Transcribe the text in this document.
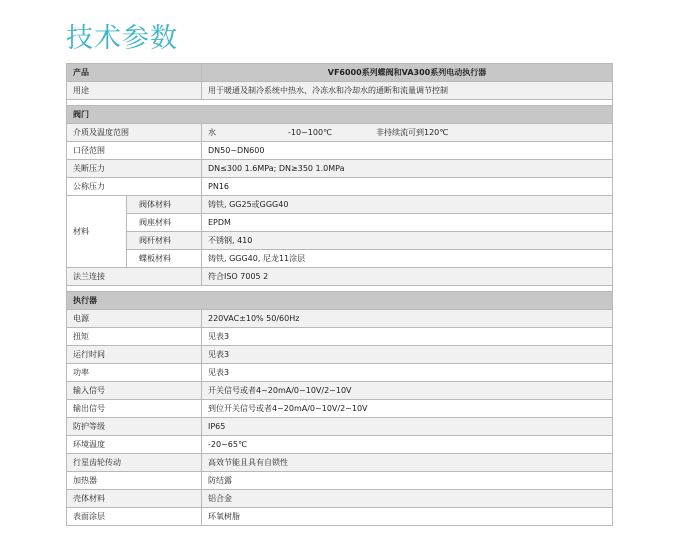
技术参数
产品		VF6000系列蝶阀和VA300系列电动执行器
用途		用于暖通及制冷系统中热水、冷冻水和冷却水的通断和流量调节控制

阀门		
介质及温度范围		水 -10~100℃ 非持续流可到120℃
口径范围		DN50~DN600
关断压力		DN≤300 1.6MPa; DN≥350 1.0MPa
公称压力		PN16
材料	阀体材料	铸铁, GG25或GGG40
	阀座材料	EPDM
	阀杆材料	不锈钢, 410
	蝶板材料	铸铁, GGG40, 尼龙11涂层
法兰连接		符合ISO 7005 2

执行器		
电源		220VAC±10% 50/60Hz
扭矩		见表3
运行时间		见表3
功率		见表3
输入信号		开关信号或者4~20mA/0~10V/2~10V
输出信号		到位开关信号或者4~20mA/0~10V/2~10V
防护等级		IP65
环境温度		-20~65℃
行星齿轮传动		高效节能且具有自锁性
加热器		防结露
壳体材料		铝合金
表面涂层		环氧树脂
